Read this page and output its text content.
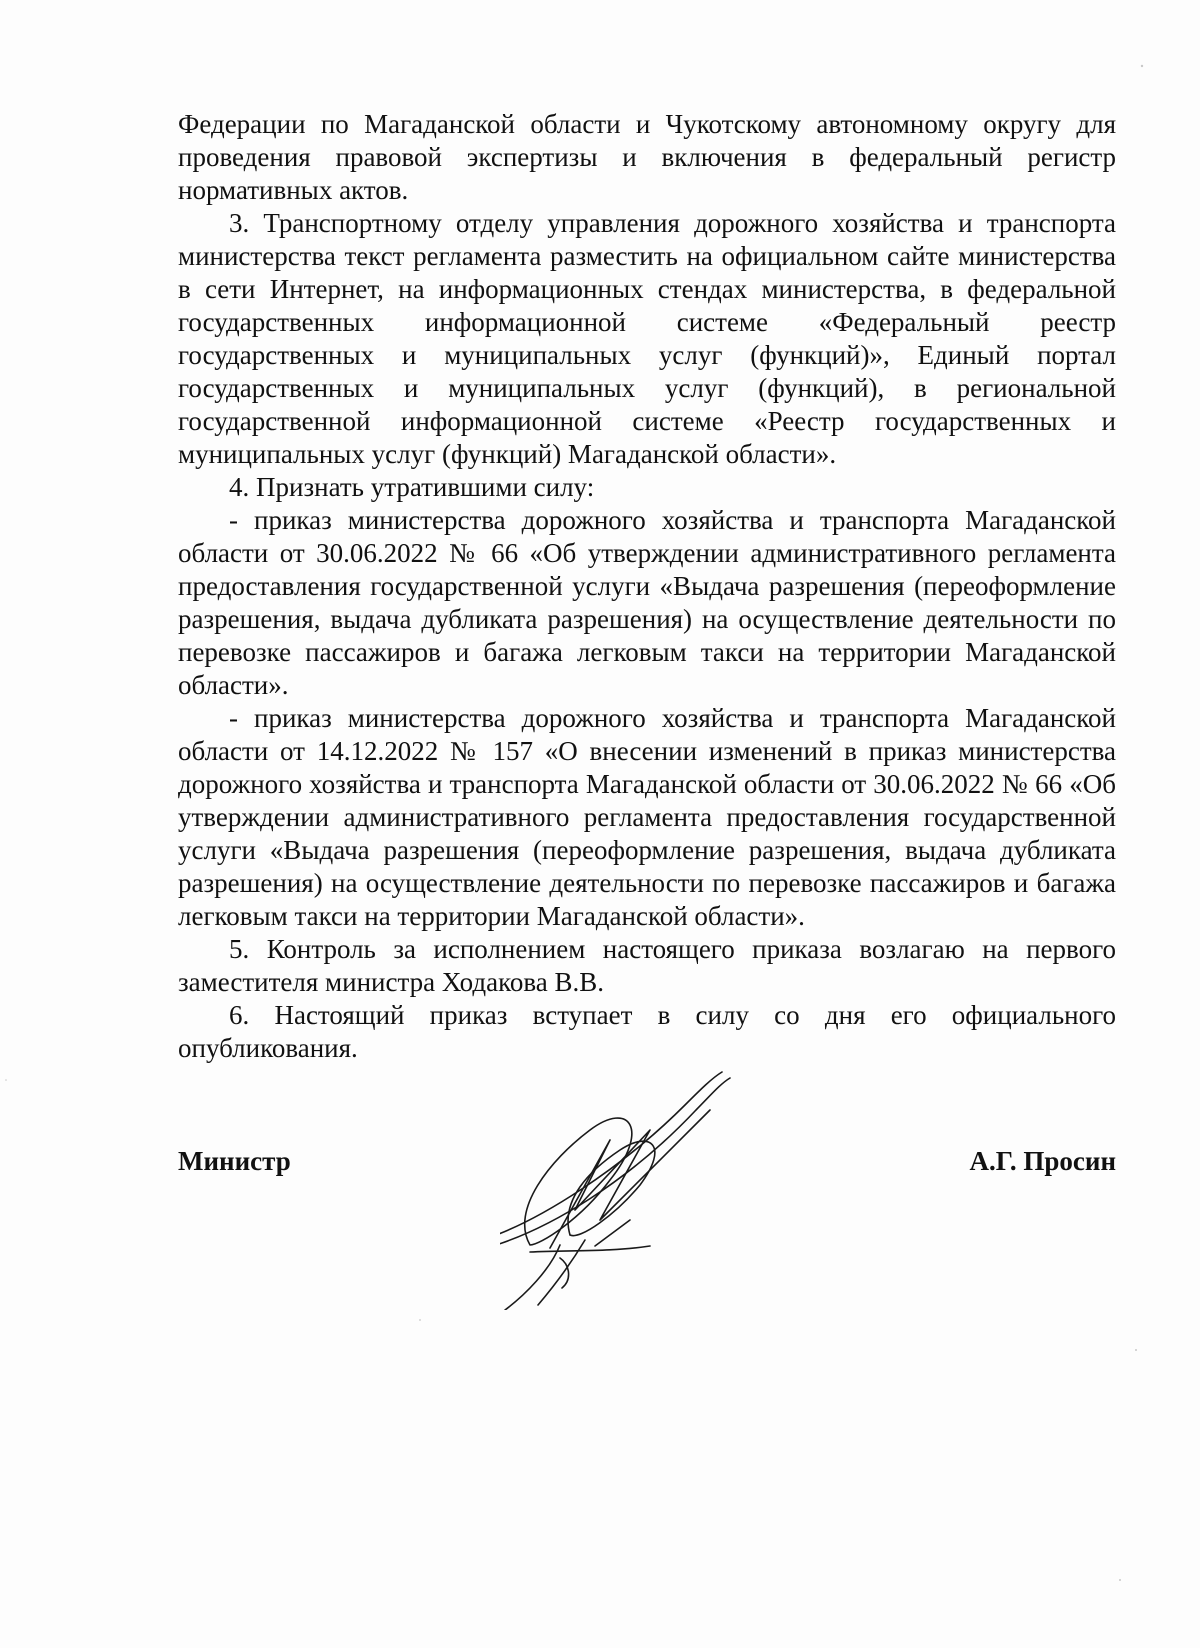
Федерации по Магаданской области и Чукотскому автономному округу для проведения правовой экспертизы и включения в федеральный регистр нормативных актов.

3. Транспортному отделу управления дорожного хозяйства и транспорта министерства текст регламента разместить на официальном сайте министерства в сети Интернет, на информационных стендах министерства, в федеральной государственных информационной системе «Федеральный реестр государственных и муниципальных услуг (функций)», Единый портал государственных и муниципальных услуг (функций), в региональной государственной информационной системе «Реестр государственных и муниципальных услуг (функций) Магаданской области».

4. Признать утратившими силу:

- приказ министерства дорожного хозяйства и транспорта Магаданской области от 30.06.2022 № 66 «Об утверждении административного регламента предоставления государственной услуги «Выдача разрешения (переоформление разрешения, выдача дубликата разрешения) на осуществление деятельности по перевозке пассажиров и багажа легковым такси на территории Магаданской области».

- приказ министерства дорожного хозяйства и транспорта Магаданской области от 14.12.2022 № 157 «О внесении изменений в приказ министерства дорожного хозяйства и транспорта Магаданской области от 30.06.2022 № 66 «Об утверждении административного регламента предоставления государственной услуги «Выдача разрешения (переоформление разрешения, выдача дубликата разрешения) на осуществление деятельности по перевозке пассажиров и багажа легковым такси на территории Магаданской области».

5. Контроль за исполнением настоящего приказа возлагаю на первого заместителя министра Ходакова В.В.

6. Настоящий приказ вступает в силу со дня его официального опубликования.

Министр	А.Г. Просин
